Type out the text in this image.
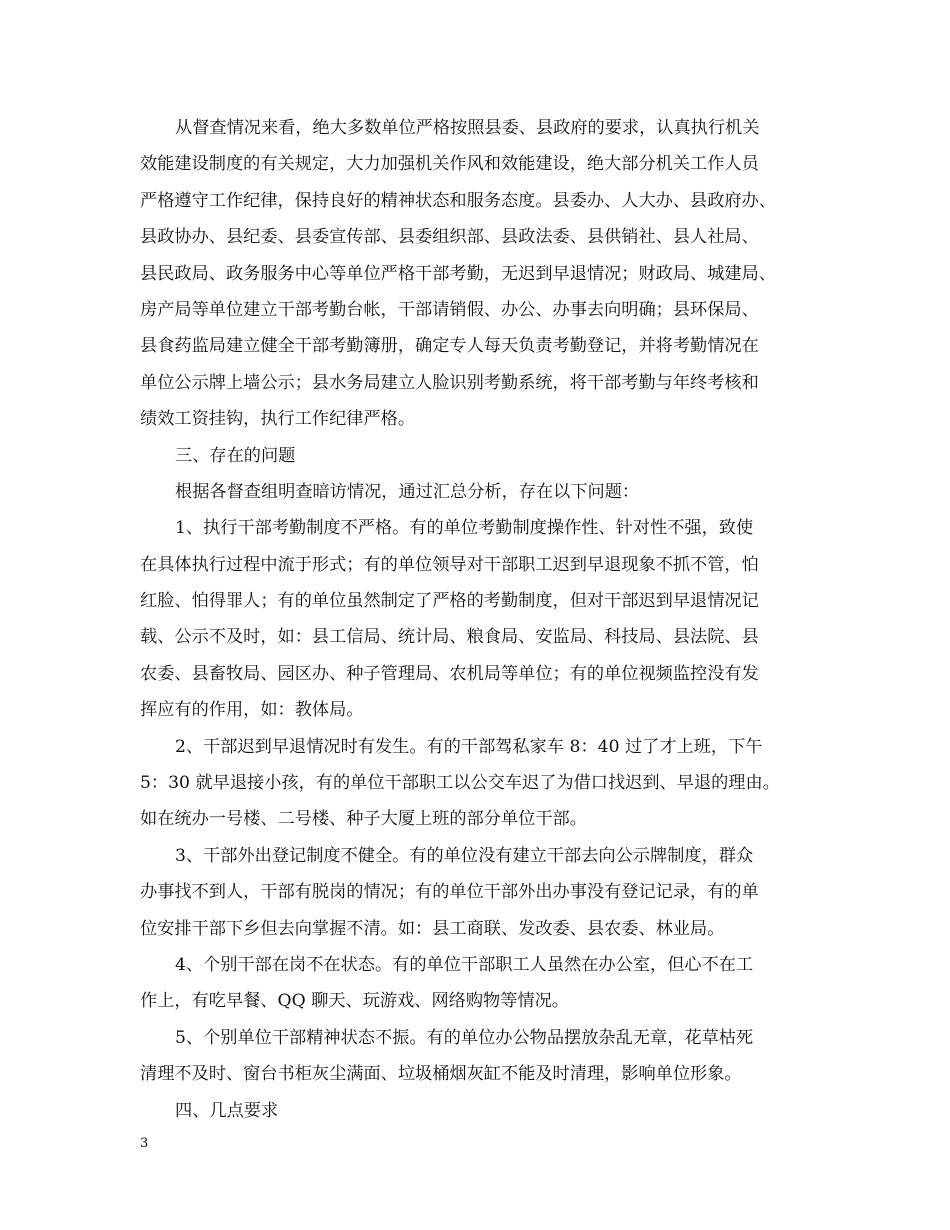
从督查情况来看，绝大多数单位严格按照县委、县政府的要求，认真执行机关
效能建设制度的有关规定，大力加强机关作风和效能建设，绝大部分机关工作人员
严格遵守工作纪律，保持良好的精神状态和服务态度。县委办、人大办、县政府办、
县政协办、县纪委、县委宣传部、县委组织部、县政法委、县供销社、县人社局、
县民政局、政务服务中心等单位严格干部考勤，无迟到早退情况；财政局、城建局、
房产局等单位建立干部考勤台帐，干部请销假、办公、办事去向明确；县环保局、
县食药监局建立健全干部考勤簿册，确定专人每天负责考勤登记，并将考勤情况在
单位公示牌上墙公示；县水务局建立人脸识别考勤系统，将干部考勤与年终考核和
绩效工资挂钩，执行工作纪律严格。
三、存在的问题
根据各督查组明查暗访情况，通过汇总分析，存在以下问题：
1、执行干部考勤制度不严格。有的单位考勤制度操作性、针对性不强，致使
在具体执行过程中流于形式；有的单位领导对干部职工迟到早退现象不抓不管，怕
红脸、怕得罪人；有的单位虽然制定了严格的考勤制度，但对干部迟到早退情况记
载、公示不及时，如：县工信局、统计局、粮食局、安监局、科技局、县法院、县
农委、县畜牧局、园区办、种子管理局、农机局等单位；有的单位视频监控没有发
挥应有的作用，如：教体局。
2、干部迟到早退情况时有发生。有的干部驾私家车 8：40 过了才上班，下午
5：30 就早退接小孩，有的单位干部职工以公交车迟了为借口找迟到、早退的理由。
如在统办一号楼、二号楼、种子大厦上班的部分单位干部。
3、干部外出登记制度不健全。有的单位没有建立干部去向公示牌制度，群众
办事找不到人，干部有脱岗的情况；有的单位干部外出办事没有登记记录，有的单
位安排干部下乡但去向掌握不清。如：县工商联、发改委、县农委、林业局。
4、个别干部在岗不在状态。有的单位干部职工人虽然在办公室，但心不在工
作上，有吃早餐、QQ 聊天、玩游戏、网络购物等情况。
5、个别单位干部精神状态不振。有的单位办公物品摆放杂乱无章，花草枯死
清理不及时、窗台书柜灰尘满面、垃圾桶烟灰缸不能及时清理，影响单位形象。
四、几点要求
3
